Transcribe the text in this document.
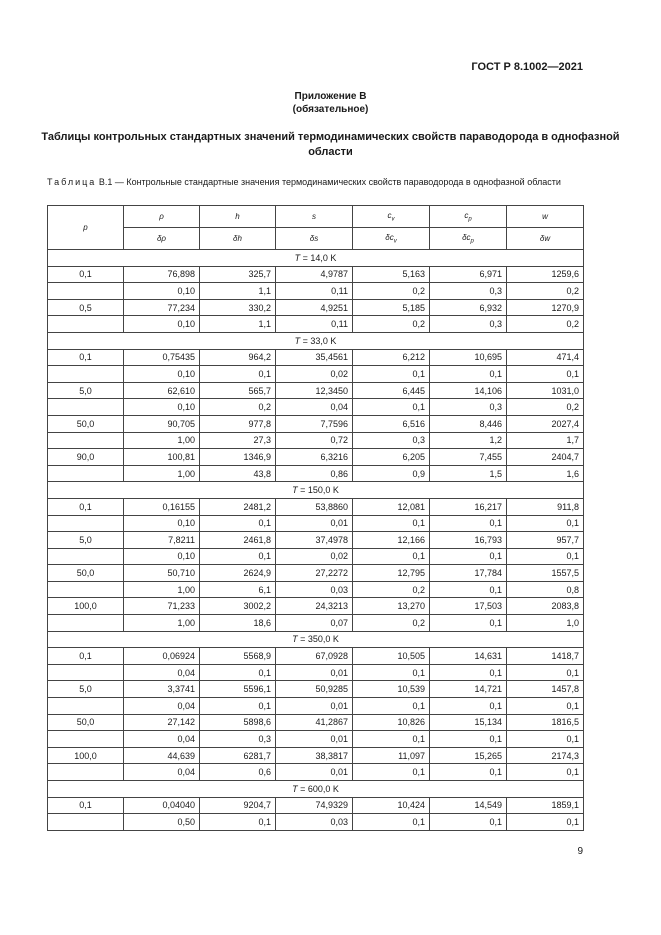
ГОСТ Р 8.1002—2021
Приложение В
(обязательное)
Таблицы контрольных стандартных значений термодинамических свойств параводорода в однофазной области
Таблица В.1 — Контрольные стандартные значения термодинамических свойств параводорода в однофазной области
p	ρ	h	s	$c_v$	$c_p$	w
	δρ	δh	δs	$\delta c_v$	$\delta c_p$	δw
T = 14,0 K						
0,1	76,898	325,7	4,9787	5,163	6,971	1259,6
	0,10	1,1	0,11	0,2	0,3	0,2
0,5	77,234	330,2	4,9251	5,185	6,932	1270,9
	0,10	1,1	0,11	0,2	0,3	0,2
T = 33,0 K						
0,1	0,75435	964,2	35,4561	6,212	10,695	471,4
	0,10	0,1	0,02	0,1	0,1	0,1
5,0	62,610	565,7	12,3450	6,445	14,106	1031,0
	0,10	0,2	0,04	0,1	0,3	0,2
50,0	90,705	977,8	7,7596	6,516	8,446	2027,4
	1,00	27,3	0,72	0,3	1,2	1,7
90,0	100,81	1346,9	6,3216	6,205	7,455	2404,7
	1,00	43,8	0,86	0,9	1,5	1,6
T = 150,0 K						
0,1	0,16155	2481,2	53,8860	12,081	16,217	911,8
	0,10	0,1	0,01	0,1	0,1	0,1
5,0	7,8211	2461,8	37,4978	12,166	16,793	957,7
	0,10	0,1	0,02	0,1	0,1	0,1
50,0	50,710	2624,9	27,2272	12,795	17,784	1557,5
	1,00	6,1	0,03	0,2	0,1	0,8
100,0	71,233	3002,2	24,3213	13,270	17,503	2083,8
	1,00	18,6	0,07	0,2	0,1	1,0
T = 350,0 K						
0,1	0,06924	5568,9	67,0928	10,505	14,631	1418,7
	0,04	0,1	0,01	0,1	0,1	0,1
5,0	3,3741	5596,1	50,9285	10,539	14,721	1457,8
	0,04	0,1	0,01	0,1	0,1	0,1
50,0	27,142	5898,6	41,2867	10,826	15,134	1816,5
	0,04	0,3	0,01	0,1	0,1	0,1
100,0	44,639	6281,7	38,3817	11,097	15,265	2174,3
	0,04	0,6	0,01	0,1	0,1	0,1
T = 600,0 K						
0,1	0,04040	9204,7	74,9329	10,424	14,549	1859,1
	0,50	0,1	0,03	0,1	0,1	0,1
9
